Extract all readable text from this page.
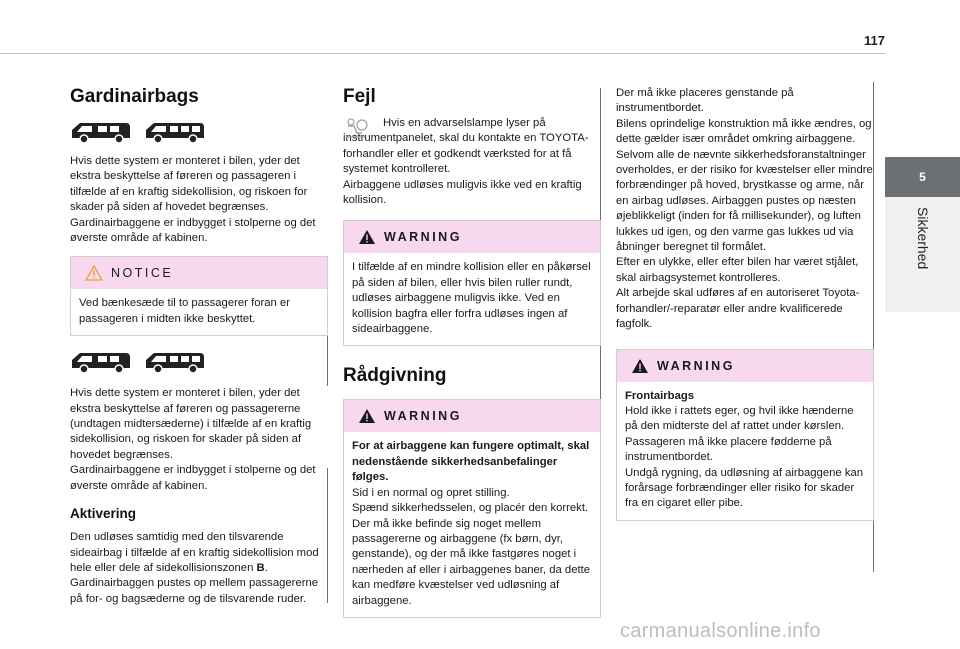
117
5
Sikkerhed
Gardinairbags

Hvis dette system er monteret i bilen, yder det ekstra beskyttelse af føreren og passageren i tilfælde af en kraftig sidekollision, og riskoen for skader på siden af hovedet begrænses.

Gardinairbaggene er indbygget i stolperne og det øverste område af kabinen.

NOTICE

Ved bænkesæde til to passagerer foran er passageren i midten ikke beskyttet.

Hvis dette system er monteret i bilen, yder det ekstra beskyttelse af føreren og passagererne (undtagen midtersæderne) i tilfælde af en kraftig sidekollision, og riskoen for skader på siden af hovedet begrænses.

Gardinairbaggene er indbygget i stolperne og det øverste område af kabinen.

Aktivering

Den udløses samtidig med den tilsvarende sideairbag i tilfælde af en kraftig sidekollision mod hele eller dele af sidekollisionszonen B.

Gardinairbaggen pustes op mellem passagererne på for- og bagsæderne og de tilsvarende ruder.

Fejl

Hvis en advarselslampe lyser på instrumentpanelet, skal du kontakte en TOYOTA-forhandler eller et godkendt værksted for at få systemet kontrolleret.

Airbaggene udløses muligvis ikke ved en kraftig kollision.

WARNING

I tilfælde af en mindre kollision eller en påkørsel på siden af bilen, eller hvis bilen ruller rundt, udløses airbaggene muligvis ikke. Ved en kollision bagfra eller forfra udløses ingen af sideairbaggene.

Rådgivning
WARNING

For at airbaggene kan fungere optimalt, skal nedenstående sikkerhedsanbefalinger følges.

Sid i en normal og opret stilling.

Spænd sikkerhedsselen, og placér den korrekt.

Der må ikke befinde sig noget mellem passagererne og airbaggene (fx børn, dyr, genstande), og der må ikke fastgøres noget i nærheden af eller i airbaggenes baner, da dette kan medføre kvæstelser ved udløsning af airbaggene.

Der må ikke placeres genstande på instrumentbordet.

Bilens oprindelige konstruktion må ikke ændres, og dette gælder især området omkring airbaggene.

Selvom alle de nævnte sikkerhedsforanstaltninger overholdes, er der risiko for kvæstelser eller mindre forbrændinger på hoved, brystkasse og arme, når en airbag udløses. Airbaggen pustes op næsten øjeblikkeligt (inden for få millisekunder), og luften lukkes ud igen, og den varme gas lukkes ud via åbninger beregnet til formålet.

Efter en ulykke, eller efter bilen har været stjålet, skal airbagsystemet kontrolleres.

Alt arbejde skal udføres af en autoriseret Toyota-forhandler/-reparatør eller andre kvalificerede fagfolk.

WARNING

Frontairbags

Hold ikke i rattets eger, og hvil ikke hænderne på den midterste del af rattet under kørslen.

Passageren må ikke placere fødderne på instrumentbordet.

Undgå rygning, da udløsning af airbaggene kan forårsage forbrændinger eller risiko for skader fra en cigaret eller pibe.

carmanualsonline.info
